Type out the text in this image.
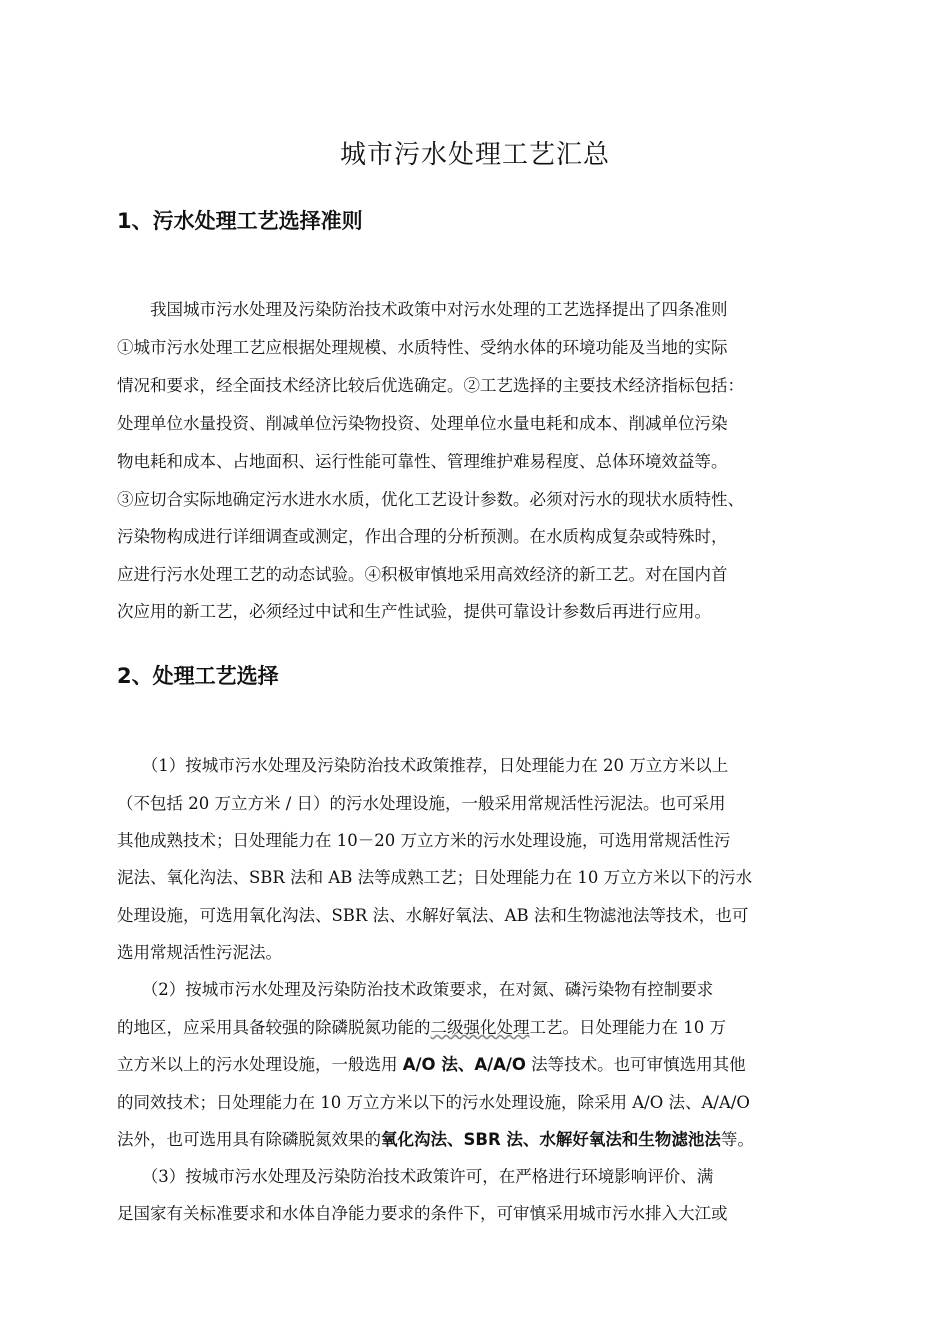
城市污水处理工艺汇总
1、污水处理工艺选择准则
　　我国城市污水处理及污染防治技术政策中对污水处理的工艺选择提出了四条准则
①城市污水处理工艺应根据处理规模、水质特性、受纳水体的环境功能及当地的实际
情况和要求，经全面技术经济比较后优选确定。②工艺选择的主要技术经济指标包括：
处理单位水量投资、削减单位污染物投资、处理单位水量电耗和成本、削减单位污染
物电耗和成本、占地面积、运行性能可靠性、管理维护难易程度、总体环境效益等。
③应切合实际地确定污水进水水质，优化工艺设计参数。必须对污水的现状水质特性、
污染物构成进行详细调查或测定，作出合理的分析预测。在水质构成复杂或特殊时，
应进行污水处理工艺的动态试验。④积极审慎地采用高效经济的新工艺。对在国内首
次应用的新工艺，必须经过中试和生产性试验，提供可靠设计参数后再进行应用。
2、处理工艺选择
　　（1）按城市污水处理及污染防治技术政策推荐，日处理能力在 20 万立方米以上
（不包括 20 万立方米 / 日）的污水处理设施，一般采用常规活性污泥法。也可采用
其他成熟技术；日处理能力在 10－20 万立方米的污水处理设施，可选用常规活性污
泥法、氧化沟法、SBR 法和 AB 法等成熟工艺；日处理能力在 10 万立方米以下的污水
处理设施，可选用氧化沟法、SBR 法、水解好氧法、AB 法和生物滤池法等技术，也可
选用常规活性污泥法。
　　（2）按城市污水处理及污染防治技术政策要求，在对氮、磷污染物有控制要求
的地区，应采用具备较强的除磷脱氮功能的二级强化处理工艺。日处理能力在 10 万
立方米以上的污水处理设施，一般选用 A/O 法、A/A/O 法等技术。也可审慎选用其他
的同效技术；日处理能力在 10 万立方米以下的污水处理设施，除采用 A/O 法、A/A/O
法外，也可选用具有除磷脱氮效果的氧化沟法、SBR 法、水解好氧法和生物滤池法等。
　　（3）按城市污水处理及污染防治技术政策许可，在严格进行环境影响评价、满
足国家有关标准要求和水体自净能力要求的条件下，可审慎采用城市污水排入大江或
